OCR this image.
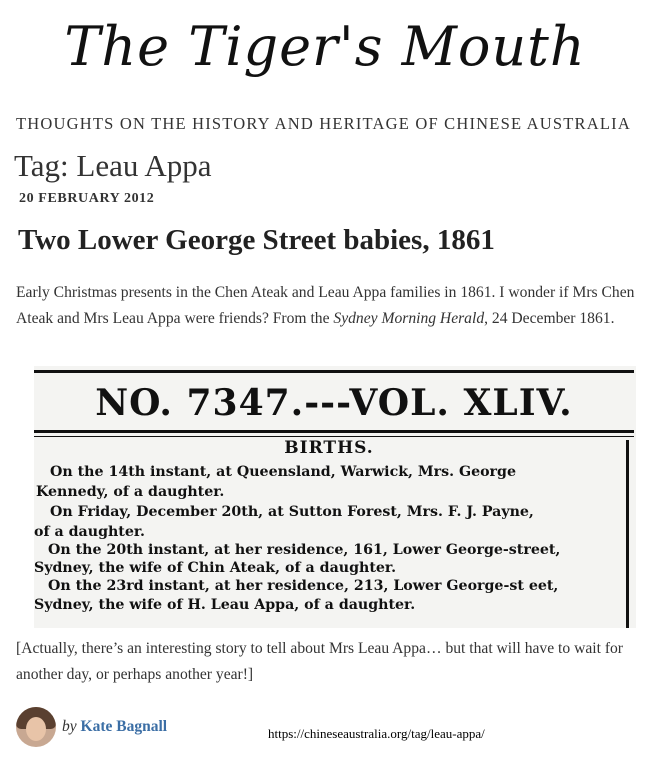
The Tiger's Mouth
THOUGHTS ON THE HISTORY AND HERITAGE OF CHINESE AUSTRALIA
Tag: Leau Appa
20 FEBRUARY 2012
Two Lower George Street babies, 1861

Early Christmas presents in the Chen Ateak and Leau Appa families in 1861. I wonder if Mrs Chen Ateak and Mrs Leau Appa were friends? From the Sydney Morning Herald, 24 December 1861.

NO. 7347.---VOL. XLIV.
BIRTHS.
On the 14th instant, at Queensland, Warwick, Mrs. George
Kennedy, of a daughter.
On Friday, December 20th, at Sutton Forest, Mrs. F. J. Payne,
of a daughter.
On the 20th instant, at her residence, 161, Lower George-street,
Sydney, the wife of Chin Ateak, of a daughter.
On the 23rd instant, at her residence, 213, Lower George-st eet,
Sydney, the wife of H. Leau Appa, of a daughter.

[Actually, there’s an interesting story to tell about Mrs Leau Appa… but that will have to wait for another day, or perhaps another year!]

by Kate Bagnall	https://chineseaustralia.org/tag/leau-appa/
